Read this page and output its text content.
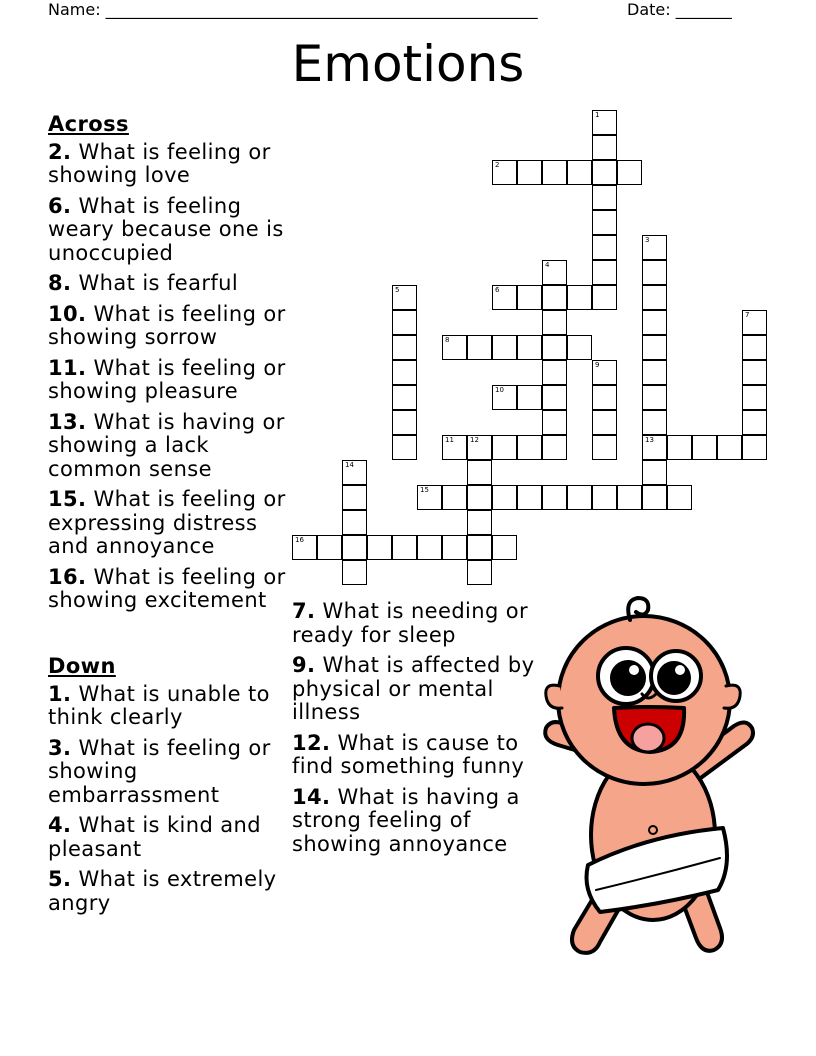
Name: ______________________________________________________	Date: _______
Emotions
Across
2. What is feeling or showing love
6. What is feeling weary because one is unoccupied
8. What is fearful
10. What is feeling or showing sorrow
11. What is feeling or showing pleasure
13. What is having or showing a lack common sense
15. What is feeling or expressing distress and annoyance
16. What is feeling or showing excitement
Down
1. What is unable to think clearly
3. What is feeling or showing embarrassment
4. What is kind and pleasant
5. What is extremely angry
7. What is needing or ready for sleep
9. What is affected by physical or mental illness
12. What is cause to find something funny
14. What is having a strong feeling of showing annoyance
1
2
3
13
4
5	6
7
8
9
10
11 12
14
15
16
